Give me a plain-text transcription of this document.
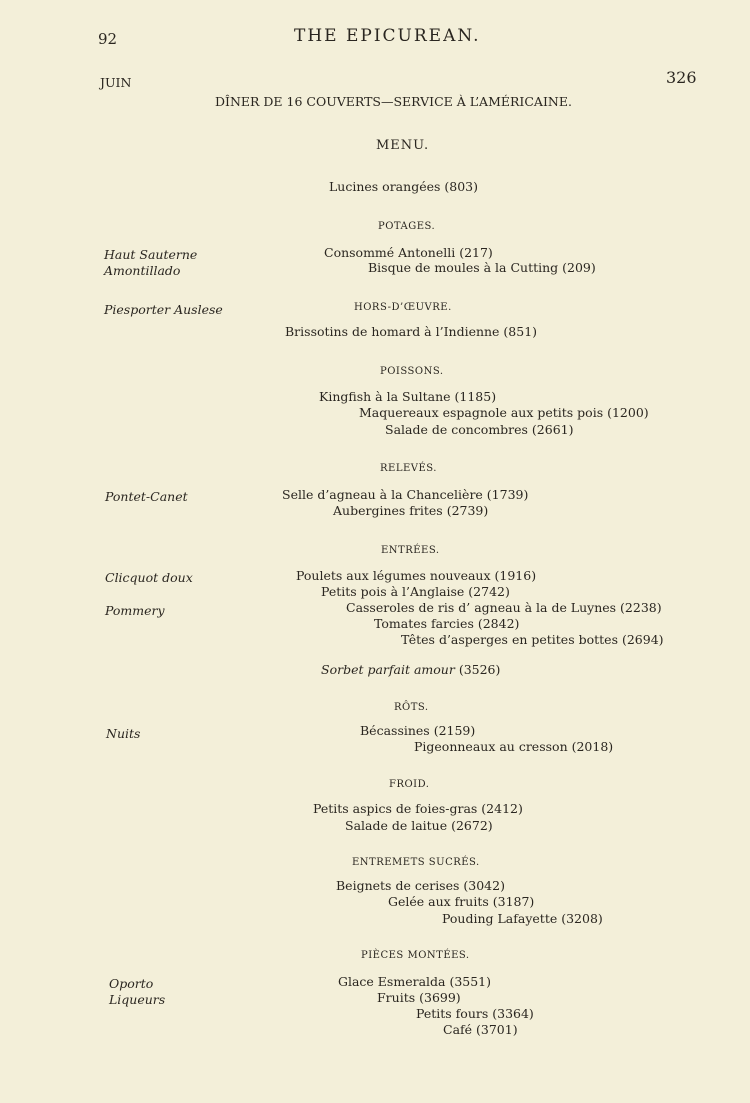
92	THE EPICUREAN.
JUIN	326
DÎNER DE 16 COUVERTS—SERVICE À L’AMÉRICAINE.
MENU.
Lucines orangées (803)
POTAGES.
Consommé Antonelli (217)
Bisque de moules à la Cutting (209)
HORS-D’ŒUVRE.
Brissotins de homard à l’Indienne (851)
POISSONS.
Kingfish à la Sultane (1185)
Maquereaux espagnole aux petits pois (1200)
Salade de concombres (2661)
RELEVÉS.
Selle d’agneau à la Chancelière (1739)
Aubergines frites (2739)
ENTRÉES.
Poulets aux légumes nouveaux (1916)
Petits pois à l’Anglaise (2742)
Casseroles de ris d’ agneau à la de Luynes (2238)
Tomates farcies (2842)
Têtes d’asperges en petites bottes (2694)
Sorbet parfait amour (3526)
RÔTS.
Bécassines (2159)
Pigeonneaux au cresson (2018)
FROID.
Petits aspics de foies-gras (2412)
Salade de laitue (2672)
ENTREMETS SUCRÉS.
Beignets de cerises (3042)
Gelée aux fruits (3187)
Pouding Lafayette (3208)
PIÈCES MONTÉES.
Glace Esmeralda (3551)
Fruits (3699)
Petits fours (3364)
Café (3701)
Haut Sauterne
Amontillado
Piesporter Auslese
Pontet-Canet
Clicquot doux
Pommery
Nuits
Oporto
Liqueurs
